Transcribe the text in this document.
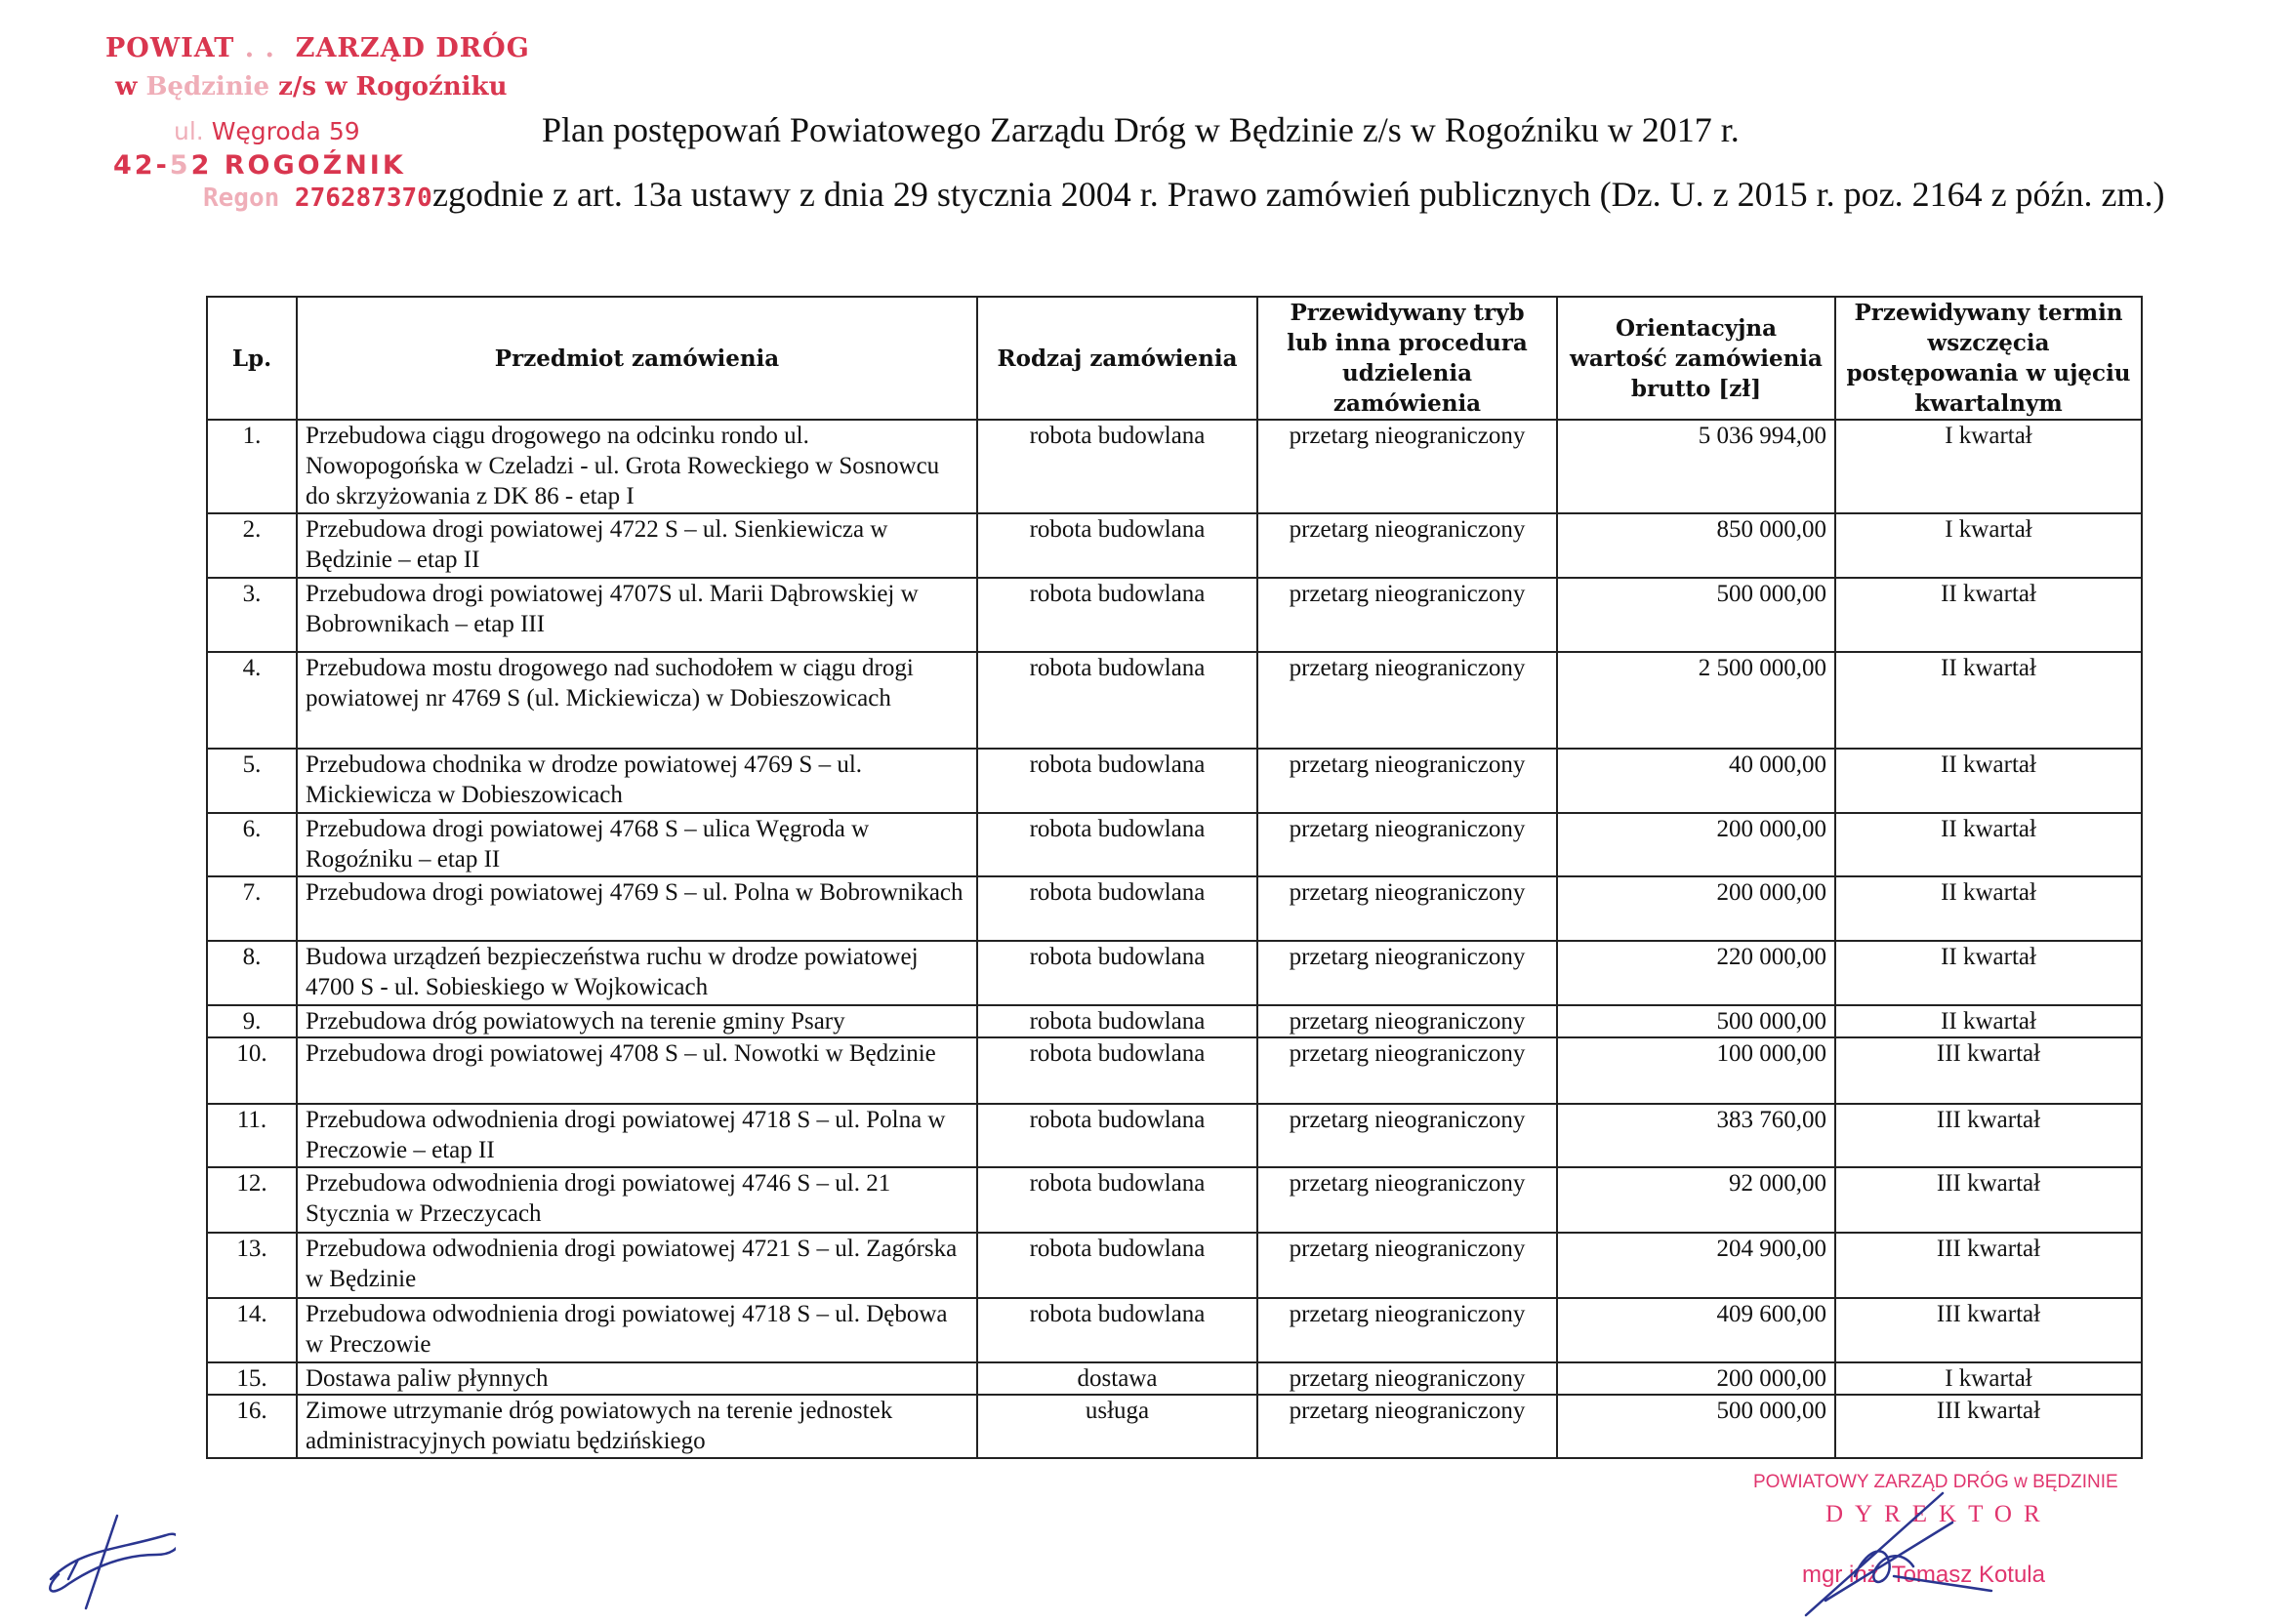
POWIAT . . ZARZĄD DRÓG
w Będzinie z/s w Rogoźniku
ul. Węgroda 59
42-52 ROGOŹNIK
Regon 276287370
Plan postępowań Powiatowego Zarządu Dróg w Będzinie z/s w Rogoźniku w 2017 r.
zgodnie z art. 13a ustawy z dnia 29 stycznia 2004 r. Prawo zamówień publicznych (Dz. U. z 2015 r. poz. 2164 z późn. zm.)
Lp.	Przedmiot zamówienia	Rodzaj zamówienia	Przewidywany tryb lub inna procedura udzielenia zamówienia	Orientacyjna wartość zamówienia brutto [zł]	Przewidywany termin wszczęcia postępowania w ujęciu kwartalnym
1.	Przebudowa ciągu drogowego na odcinku rondo ul. Nowopogońska w Czeladzi - ul. Grota Roweckiego w Sosnowcu do skrzyżowania z DK 86 - etap I	robota budowlana	przetarg nieograniczony	5 036 994,00	I kwartał
2.	Przebudowa drogi powiatowej 4722 S – ul. Sienkiewicza w Będzinie – etap II	robota budowlana	przetarg nieograniczony	850 000,00	I kwartał
3.	Przebudowa drogi powiatowej 4707S ul. Marii Dąbrowskiej w Bobrownikach – etap III	robota budowlana	przetarg nieograniczony	500 000,00	II kwartał
4.	Przebudowa mostu drogowego nad suchodołem w ciągu drogi powiatowej nr 4769 S (ul. Mickiewicza) w Dobieszowicach	robota budowlana	przetarg nieograniczony	2 500 000,00	II kwartał
5.	Przebudowa chodnika w drodze powiatowej 4769 S – ul. Mickiewicza w Dobieszowicach	robota budowlana	przetarg nieograniczony	40 000,00	II kwartał
6.	Przebudowa drogi powiatowej 4768 S – ulica Węgroda w Rogoźniku – etap II	robota budowlana	przetarg nieograniczony	200 000,00	II kwartał
7.	Przebudowa drogi powiatowej 4769 S – ul. Polna w Bobrownikach	robota budowlana	przetarg nieograniczony	200 000,00	II kwartał
8.	Budowa urządzeń bezpieczeństwa ruchu w drodze powiatowej 4700 S - ul. Sobieskiego w Wojkowicach	robota budowlana	przetarg nieograniczony	220 000,00	II kwartał
9.	Przebudowa dróg powiatowych na terenie gminy Psary	robota budowlana	przetarg nieograniczony	500 000,00	II kwartał
10.	Przebudowa drogi powiatowej 4708 S – ul. Nowotki w Będzinie	robota budowlana	przetarg nieograniczony	100 000,00	III kwartał
11.	Przebudowa odwodnienia drogi powiatowej 4718 S – ul. Polna w Preczowie – etap II	robota budowlana	przetarg nieograniczony	383 760,00	III kwartał
12.	Przebudowa odwodnienia drogi powiatowej 4746 S – ul. 21 Stycznia w Przeczycach	robota budowlana	przetarg nieograniczony	92 000,00	III kwartał
13.	Przebudowa odwodnienia drogi powiatowej 4721 S – ul. Zagórska w Będzinie	robota budowlana	przetarg nieograniczony	204 900,00	III kwartał
14.	Przebudowa odwodnienia drogi powiatowej 4718 S – ul. Dębowa w Preczowie	robota budowlana	przetarg nieograniczony	409 600,00	III kwartał
15.	Dostawa paliw płynnych	dostawa	przetarg nieograniczony	200 000,00	I kwartał
16.	Zimowe utrzymanie dróg powiatowych na terenie jednostek administracyjnych powiatu będzińskiego	usługa	przetarg nieograniczony	500 000,00	III kwartał
POWIATOWY ZARZĄD DRÓG w BĘDZINIE
DYREKTOR
mgr inż. Tomasz Kotula
